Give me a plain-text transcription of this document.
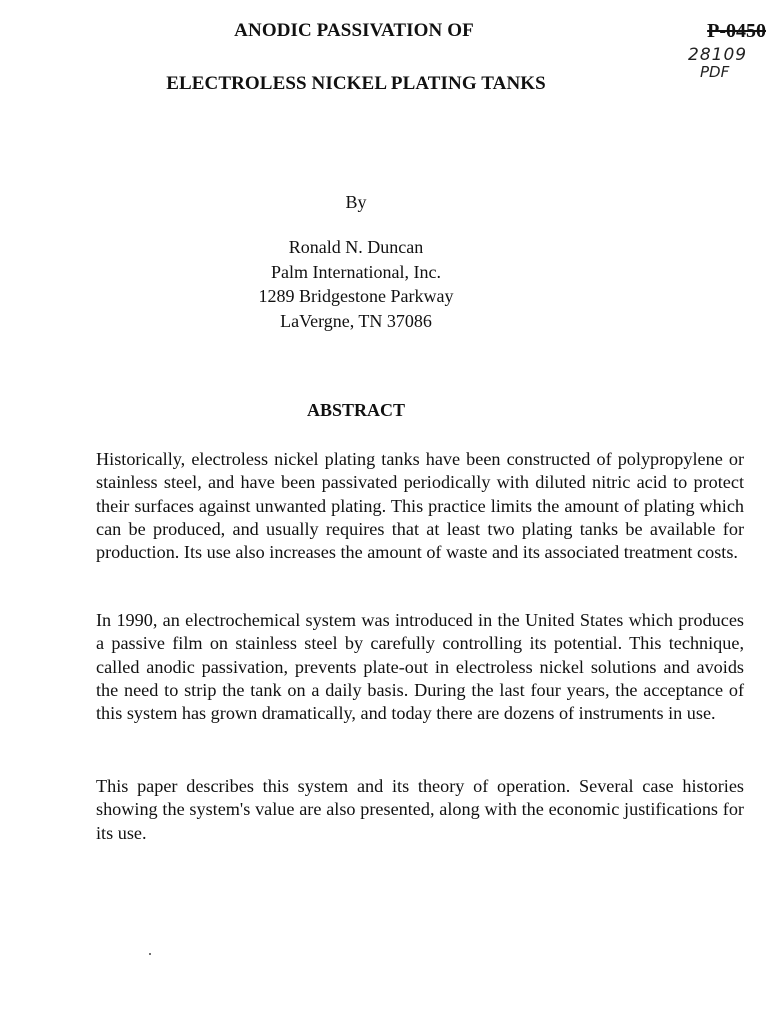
ANODIC PASSIVATION OF
ELECTROLESS NICKEL PLATING TANKS
P-0450
28109
PDF
By
Ronald N. Duncan
Palm International, Inc.
1289 Bridgestone Parkway
LaVergne, TN 37086
ABSTRACT

Historically, electroless nickel plating tanks have been constructed of polypropylene or stainless steel, and have been passivated periodically with diluted nitric acid to protect their surfaces against unwanted plating. This practice limits the amount of plating which can be produced, and usually requires that at least two plating tanks be available for production. Its use also increases the amount of waste and its associated treatment costs.

In 1990, an electrochemical system was introduced in the United States which produces a passive film on stainless steel by carefully controlling its potential. This technique, called anodic passivation, prevents plate-out in electroless nickel solutions and avoids the need to strip the tank on a daily basis. During the last four years, the acceptance of this system has grown dramatically, and today there are dozens of instruments in use.

This paper describes this system and its theory of operation. Several case histories showing the system's value are also presented, along with the economic justifications for its use.
